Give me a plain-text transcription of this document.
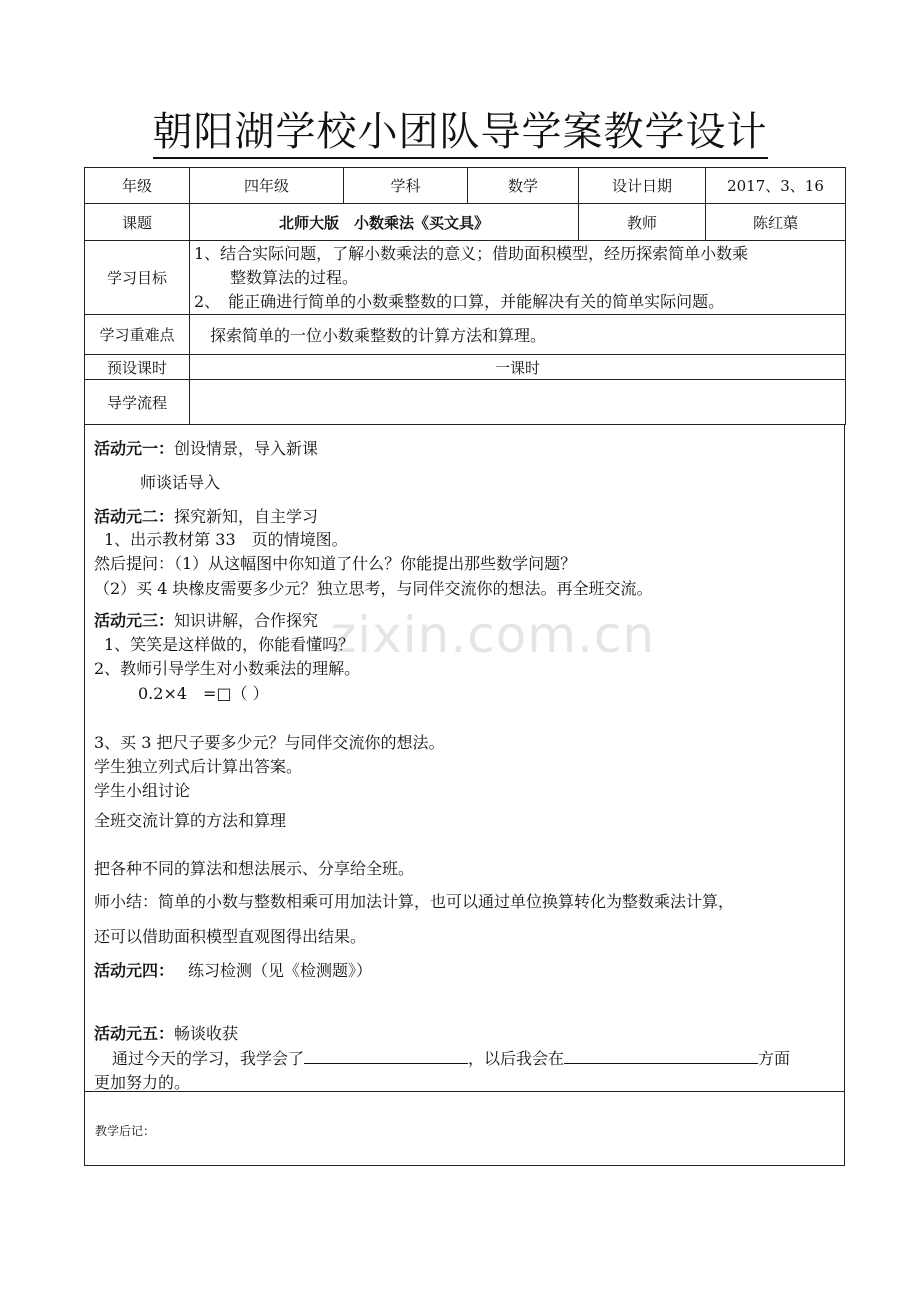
朝阳湖学校小团队导学案教学设计
年级	四年级	学科	数学	设计日期	2017、3、16
课题	北师大版　小数乘法《买文具》			教师	陈红蕖
学习目标	1、结合实际问题，了解小数乘法的意义；借助面积模型，经历探索简单小数乘
整数算法的过程。
2、　能正确进行简单的小数乘整数的口算，并能解决有关的简单实际问题。				

学习重难点	探索简单的一位小数乘整数的计算方法和算理。				
预设课时	一课时				
导学流程					
zixin.com.cn
活动元一：创设情景，导入新课
师谈话导入
活动元二：探究新知，自主学习
1、出示教材第 33　页的情境图。
然后提问：（1）从这幅图中你知道了什么？你能提出那些数学问题？
（2）买 4 块橡皮需要多少元？独立思考，与同伴交流你的想法。再全班交流。
活动元三：知识讲解，合作探究
1、笑笑是这样做的，你能看懂吗？
2、教师引导学生对小数乘法的理解。
0.2×4　=□（ ）
3、买 3 把尺子要多少元？与同伴交流你的想法。
学生独立列式后计算出答案。
学生小组讨论
全班交流计算的方法和算理
把各种不同的算法和想法展示、分享给全班。
师小结：简单的小数与整数相乘可用加法计算，也可以通过单位换算转化为整数乘法计算，
还可以借助面积模型直观图得出结果。
活动元四： 练习检测（见《检测题》）
活动元五：畅谈收获
通过今天的学习，我学会了	，以后我会在	方面
更加努力的。
教学后记：
